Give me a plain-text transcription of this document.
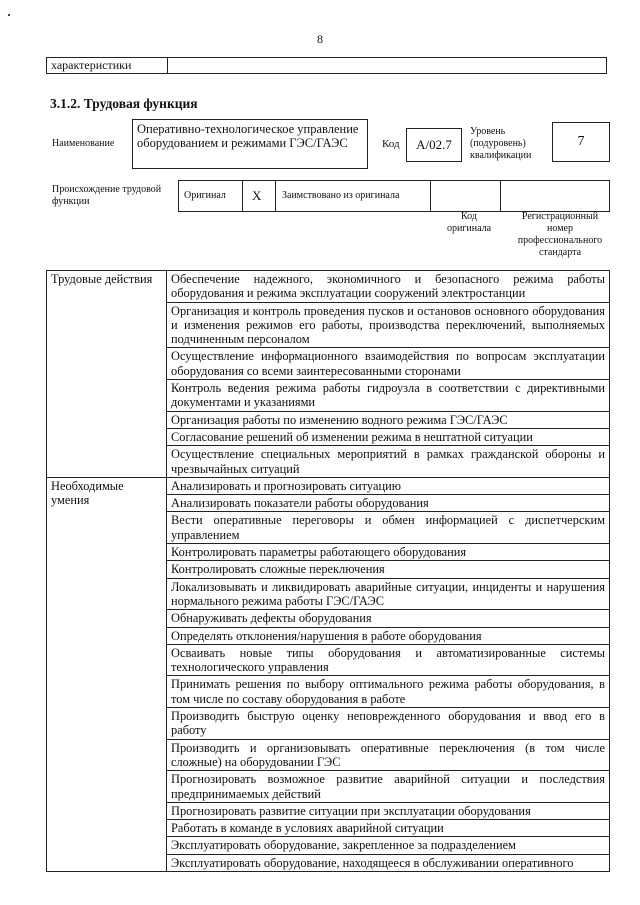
8
характеристики	
3.1.2. Трудовая функция
Наименование
Оперативно-технологическое управление оборудованием и режимами ГЭС/ГАЭС	Код	А/02.7
Уровень (подуровень) квалификации
7
Происхождение трудовой функции
Оригинал X Заимствовано из оригинала
Код оригинала
Регистрационный номер профессионального стандарта
Трудовые действия	Обеспечение надежного, экономичного и безопасного режима работы оборудования и режима эксплуатации сооружений электростанции
	Организация и контроль проведения пусков и остановов основного оборудования и изменения режимов его работы, производства переключений, выполняемых подчиненным персоналом
	Осуществление информационного взаимодействия по вопросам эксплуатации оборудования со всеми заинтересованными сторонами
	Контроль ведения режима работы гидроузла в соответствии с директивными документами и указаниями
	Организация работы по изменению водного режима ГЭС/ГАЭС
	Согласование решений об изменении режима в нештатной ситуации
	Осуществление специальных мероприятий в рамках гражданской обороны и чрезвычайных ситуаций
Необходимые умения	Анализировать и прогнозировать ситуацию
	Анализировать показатели работы оборудования
	Вести оперативные переговоры и обмен информацией с диспетчерским управлением
	Контролировать параметры работающего оборудования
	Контролировать сложные переключения
	Локализовывать и ликвидировать аварийные ситуации, инциденты и нарушения нормального режима работы ГЭС/ГАЭС
	Обнаруживать дефекты оборудования
	Определять отклонения/нарушения в работе оборудования
	Осваивать новые типы оборудования и автоматизированные системы технологического управления
	Принимать решения по выбору оптимального режима работы оборудования, в том числе по составу оборудования в работе
	Производить быструю оценку неповрежденного оборудования и ввод его в работу
	Производить и организовывать оперативные переключения (в том числе сложные) на оборудовании ГЭС
	Прогнозировать возможное развитие аварийной ситуации и последствия предпринимаемых действий
	Прогнозировать развитие ситуации при эксплуатации оборудования
	Работать в команде в условиях аварийной ситуации
	Эксплуатировать оборудование, закрепленное за подразделением
	Эксплуатировать оборудование, находящееся в обслуживании оперативного
